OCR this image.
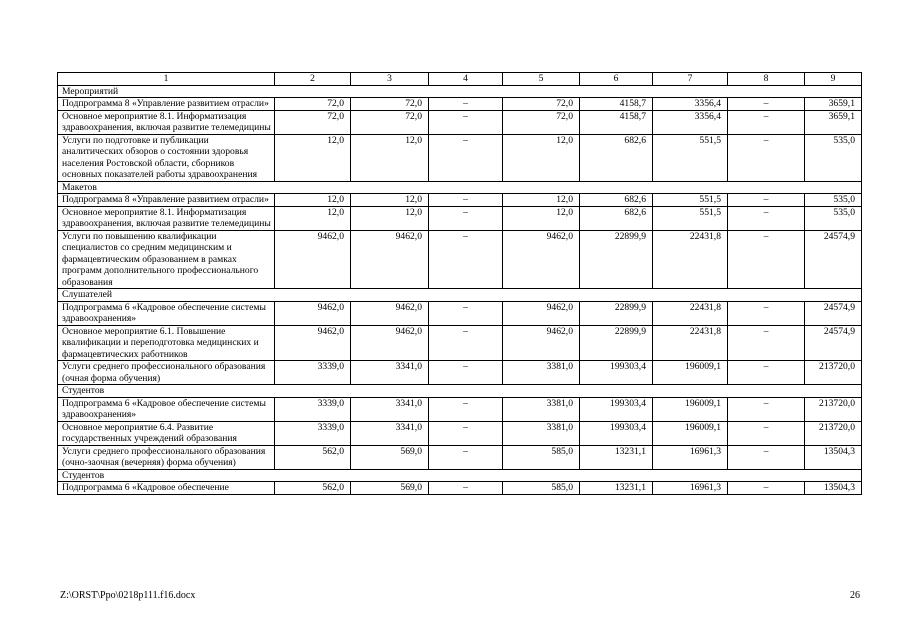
1	2	3	4	5	6	7	8	9
Мероприятий								
Подпрограмма 8 «Управление развитием отрасли»	72,0	72,0	–	72,0	4158,7	3356,4	–	3659,1
Основное мероприятие 8.1. Информатизация здравоохранения, включая развитие телемедицины	72,0	72,0	–	72,0	4158,7	3356,4	–	3659,1
Услуги по подготовке и публикации аналитических обзоров о состоянии здоровья населения Ростовской области, сборников основных показателей работы здравоохранения	12,0	12,0	–	12,0	682,6	551,5	–	535,0
Макетов								
Подпрограмма 8 «Управление развитием отрасли»	12,0	12,0	–	12,0	682,6	551,5	–	535,0
Основное мероприятие 8.1. Информатизация здравоохранения, включая развитие телемедицины	12,0	12,0	–	12,0	682,6	551,5	–	535,0
Услуги по повышению квалификации специалистов со средним медицинским и фармацевтическим образованием в рамках программ дополнительного профессионального образования	9462,0	9462,0	–	9462,0	22899,9	22431,8	–	24574,9
Слушателей								
Подпрограмма 6 «Кадровое обеспечение системы здравоохранения»	9462,0	9462,0	–	9462,0	22899,9	22431,8	–	24574,9
Основное мероприятие 6.1. Повышение квалификации и переподготовка медицинских и фармацевтических работников	9462,0	9462,0	–	9462,0	22899,9	22431,8	–	24574,9
Услуги среднего профессионального образования (очная форма обучения)	3339,0	3341,0	–	3381,0	199303,4	196009,1	–	213720,0
Студентов								
Подпрограмма 6 «Кадровое обеспечение системы здравоохранения»	3339,0	3341,0	–	3381,0	199303,4	196009,1	–	213720,0
Основное мероприятие 6.4. Развитие государственных учреждений образования	3339,0	3341,0	–	3381,0	199303,4	196009,1	–	213720,0
Услуги среднего профессионального образования (очно-заочная (вечерняя) форма обучения)	562,0	569,0	–	585,0	13231,1	16961,3	–	13504,3
Студентов								
Подпрограмма 6 «Кадровое обеспечение	562,0	569,0	–	585,0	13231,1	16961,3	–	13504,3
Z:\ORST\Ppo\0218p111.f16.docx	26
